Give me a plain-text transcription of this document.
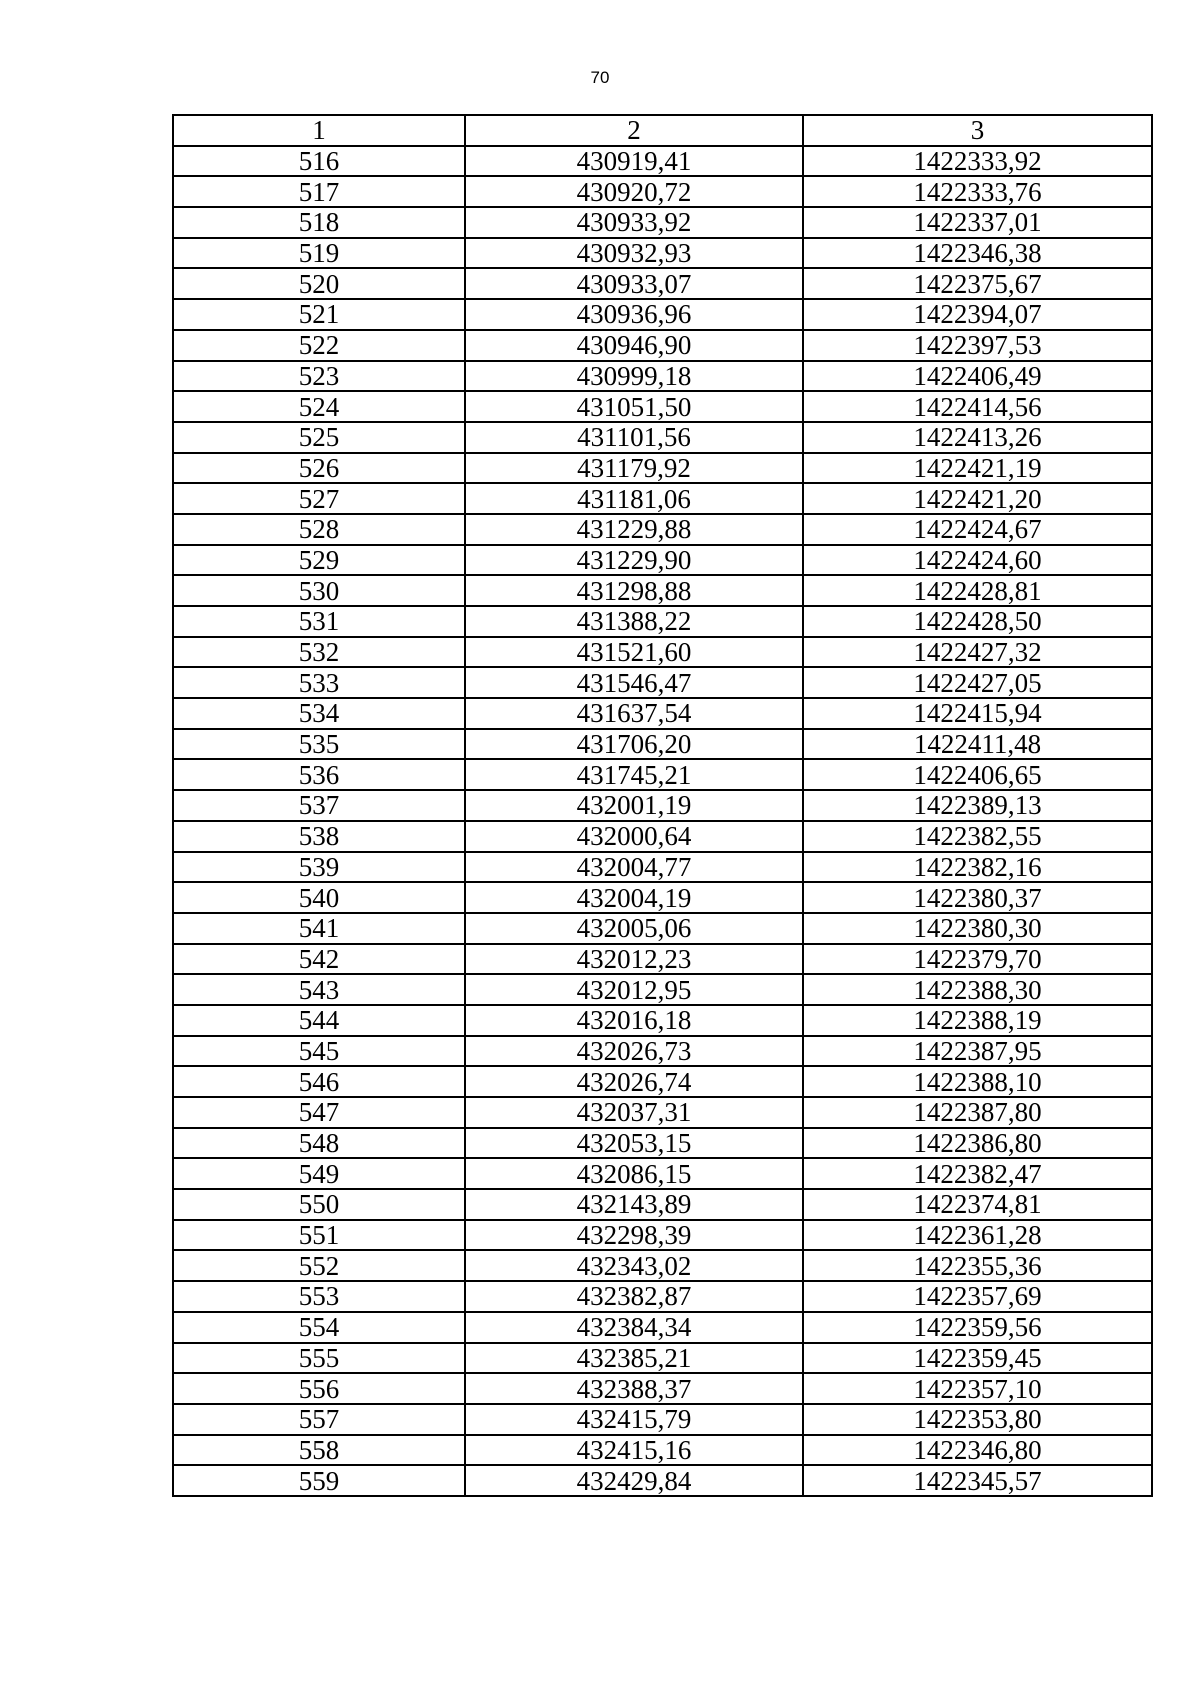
70
1	2	3
516	430919,41	1422333,92
517	430920,72	1422333,76
518	430933,92	1422337,01
519	430932,93	1422346,38
520	430933,07	1422375,67
521	430936,96	1422394,07
522	430946,90	1422397,53
523	430999,18	1422406,49
524	431051,50	1422414,56
525	431101,56	1422413,26
526	431179,92	1422421,19
527	431181,06	1422421,20
528	431229,88	1422424,67
529	431229,90	1422424,60
530	431298,88	1422428,81
531	431388,22	1422428,50
532	431521,60	1422427,32
533	431546,47	1422427,05
534	431637,54	1422415,94
535	431706,20	1422411,48
536	431745,21	1422406,65
537	432001,19	1422389,13
538	432000,64	1422382,55
539	432004,77	1422382,16
540	432004,19	1422380,37
541	432005,06	1422380,30
542	432012,23	1422379,70
543	432012,95	1422388,30
544	432016,18	1422388,19
545	432026,73	1422387,95
546	432026,74	1422388,10
547	432037,31	1422387,80
548	432053,15	1422386,80
549	432086,15	1422382,47
550	432143,89	1422374,81
551	432298,39	1422361,28
552	432343,02	1422355,36
553	432382,87	1422357,69
554	432384,34	1422359,56
555	432385,21	1422359,45
556	432388,37	1422357,10
557	432415,79	1422353,80
558	432415,16	1422346,80
559	432429,84	1422345,57
